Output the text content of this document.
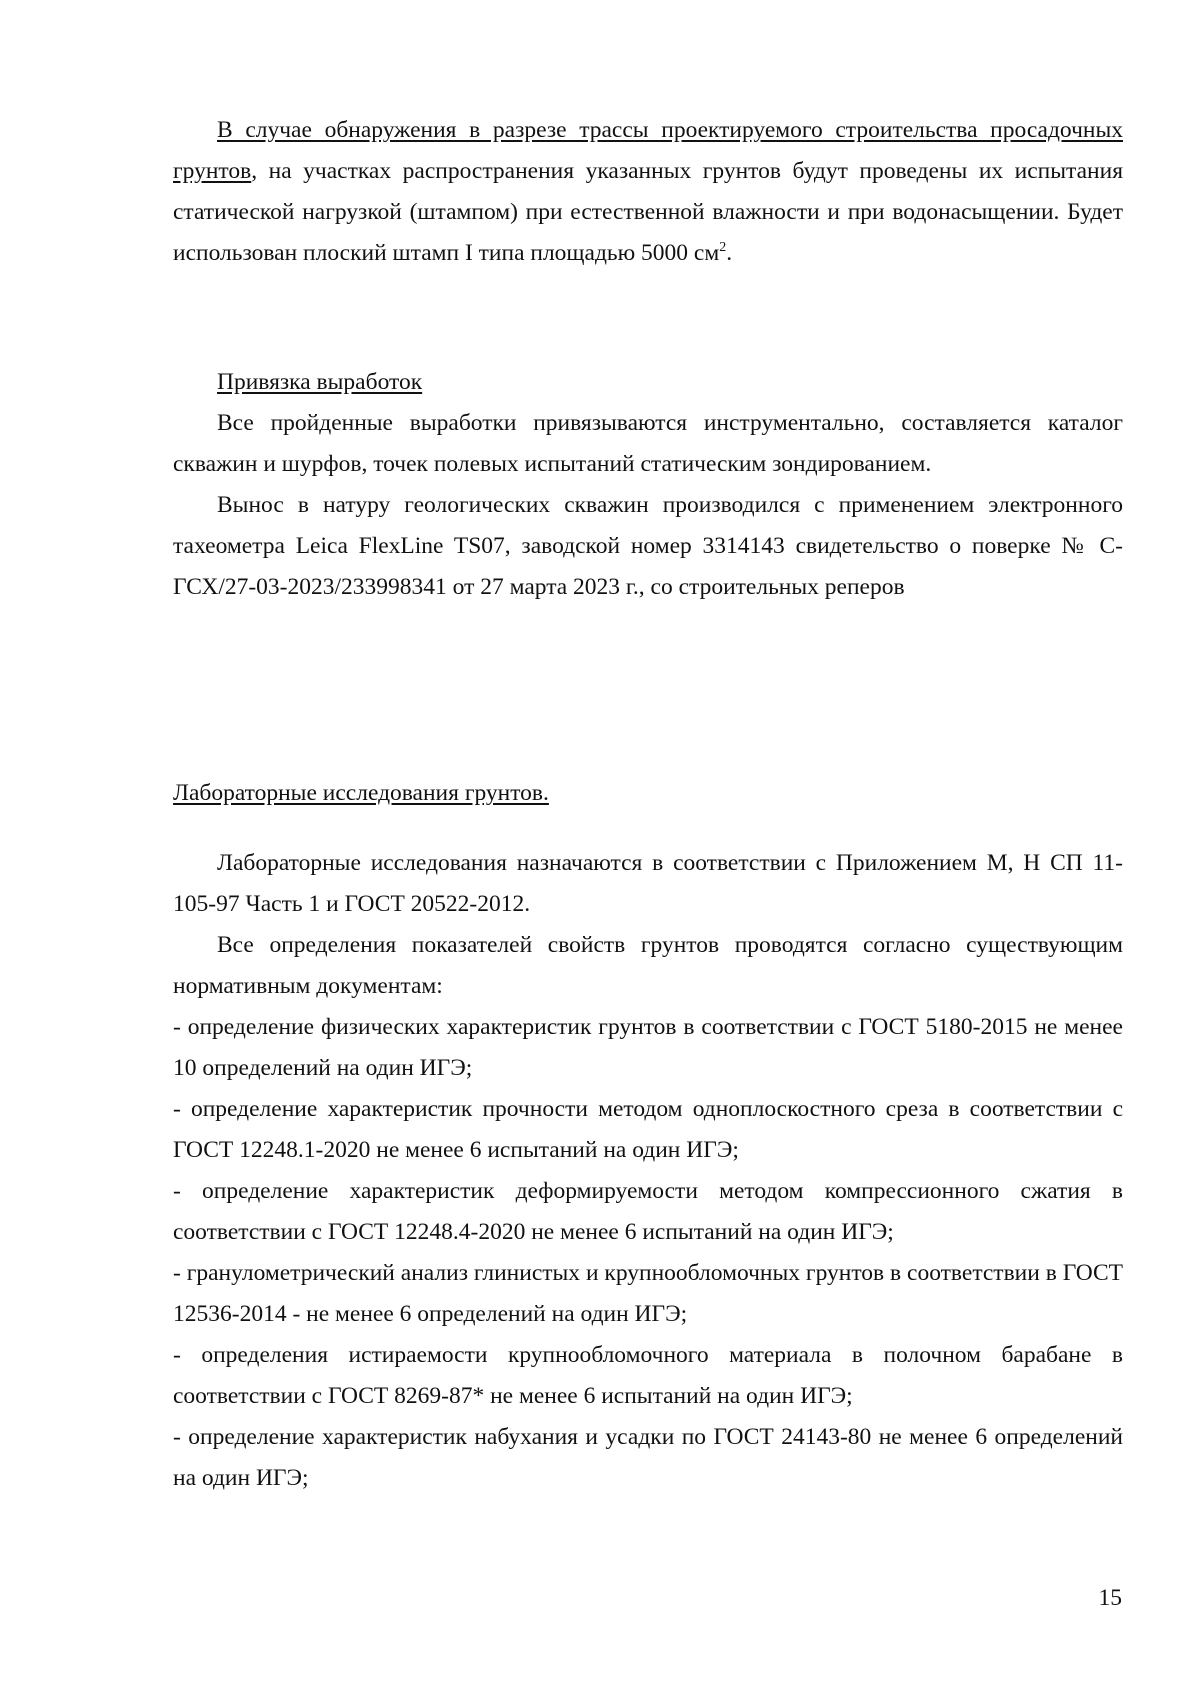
В случае обнаружения в разрезе трассы проектируемого строительства просадочных грунтов, на участках распространения указанных грунтов будут проведены их испытания статической нагрузкой (штампом) при естественной влажности и при водонасыщении. Будет использован плоский штамп I типа площадью 5000 $см^2$.

Привязка выработок

Все пройденные выработки привязываются инструментально, составляется каталог скважин и шурфов, точек полевых испытаний статическим зондированием.

Вынос в натуру геологических скважин производился с применением электронного тахеометра Leica FlexLine TS07, заводской номер 3314143 свидетельство о поверке № С-ГСХ/27-03-2023/233998341 от 27 марта 2023 г., со строительных реперов

Лабораторные исследования грунтов.

Лабораторные исследования назначаются в соответствии с Приложением М, Н СП 11-105-97 Часть 1 и ГОСТ 20522-2012.

Все определения показателей свойств грунтов проводятся согласно существующим нормативным документам:

- определение физических характеристик грунтов в соответствии с ГОСТ 5180-2015 не менее 10 определений на один ИГЭ;

- определение характеристик прочности методом одноплоскостного среза в соответствии с ГОСТ 12248.1-2020 не менее 6 испытаний на один ИГЭ;

- определение характеристик деформируемости методом компрессионного сжатия в соответствии с ГОСТ 12248.4-2020 не менее 6 испытаний на один ИГЭ;

- гранулометрический анализ глинистых и крупнообломочных грунтов в соответствии в ГОСТ 12536-2014 - не менее 6 определений на один ИГЭ;

- определения истираемости крупнообломочного материала в полочном барабане в соответствии с ГОСТ 8269-87* не менее 6 испытаний на один ИГЭ;

- определение характеристик набухания и усадки по ГОСТ 24143-80 не менее 6 определений на один ИГЭ;

15
